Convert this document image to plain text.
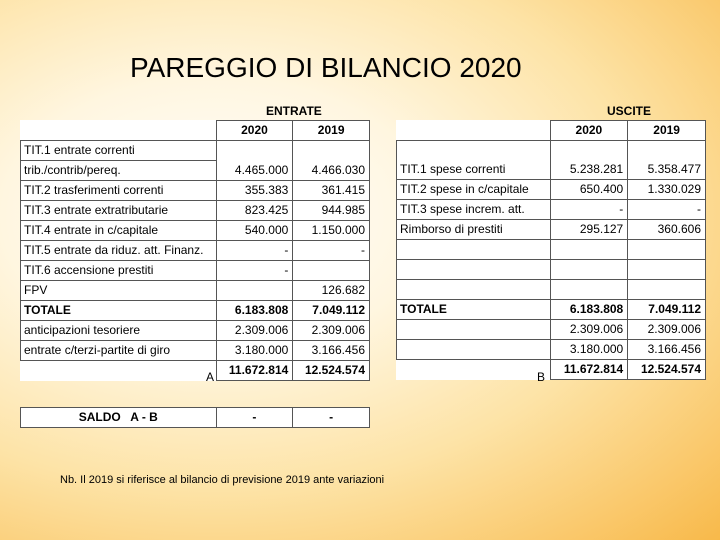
PAREGGIO DI BILANCIO 2020
ENTRATE	USCITE
	2020	2019
TIT.1 entrate correnti		
trib./contrib/pereq.	4.465.000	4.466.030
TIT.2 trasferimenti correnti	355.383	361.415
TIT.3 entrate extratributarie	823.425	944.985
TIT.4 entrate in c/capitale	540.000	1.150.000
TIT.5 entrate da riduz. att. Finanz.	-	-
TIT.6 accensione prestiti	-	
FPV		126.682
TOTALE	6.183.808	7.049.112
anticipazioni tesoriere	2.309.006	2.309.006
entrate c/terzi-partite di giro	3.180.000	3.166.456
	11.672.814	12.524.574
A
	2020	2019

TIT.1 spese correnti	5.238.281	5.358.477
TIT.2 spese in c/capitale	650.400	1.330.029
TIT.3 spese increm. att.	-	-
Rimborso di prestiti	295.127	360.606

TOTALE	6.183.808	7.049.112
	2.309.006	2.309.006
	3.180.000	3.166.456
	11.672.814	12.524.574
B
SALDO   A - B	-	-
Nb. Il 2019 si riferisce al bilancio di previsione 2019 ante variazioni
